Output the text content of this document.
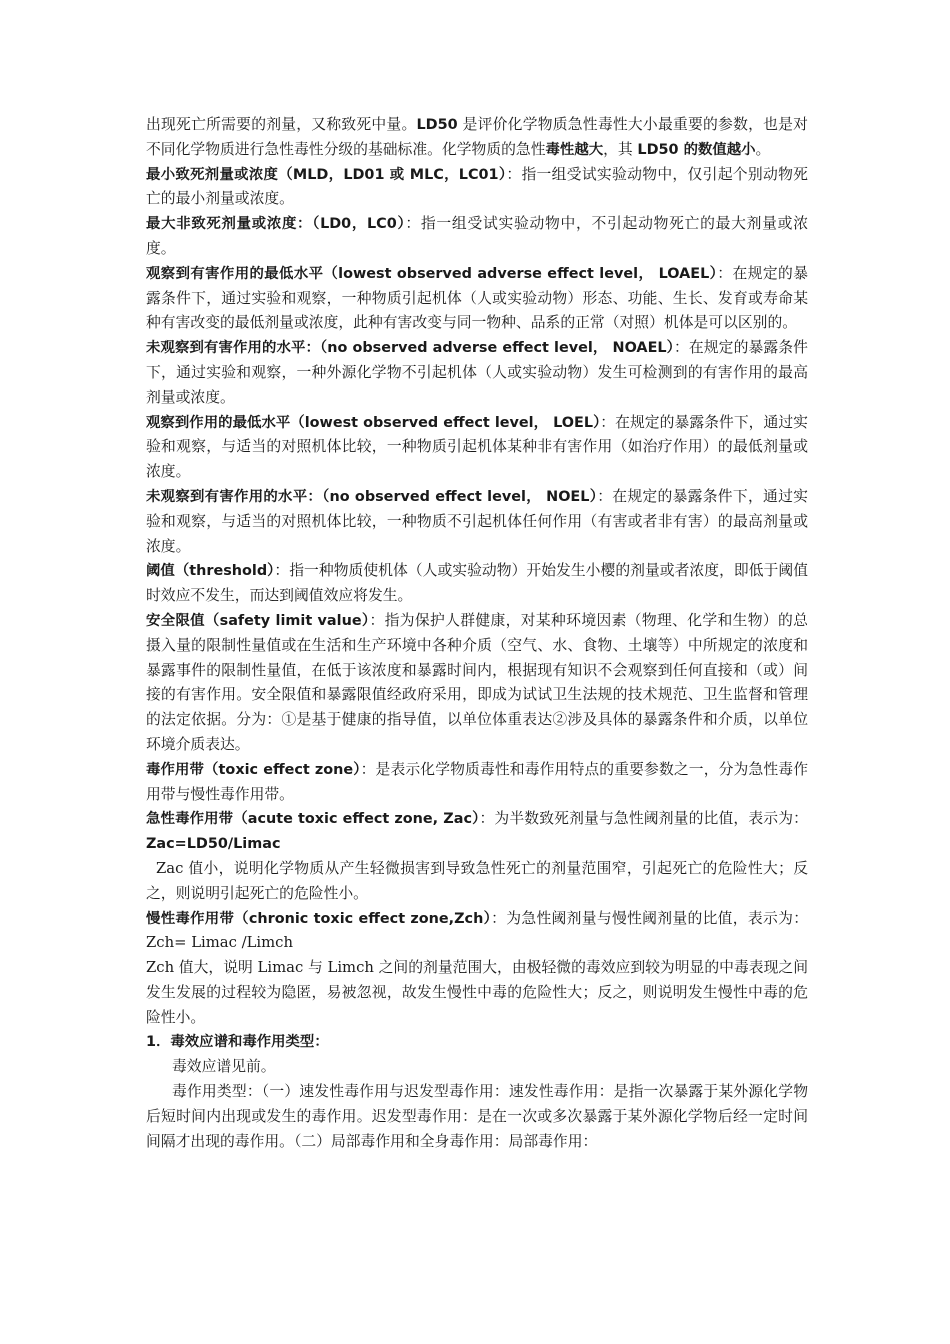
出现死亡所需要的剂量，又称致死中量。LD50 是评价化学物质急性毒性大小最重要的参数，也是对不同化学物质进行急性毒性分级的基础标准。化学物质的急性毒性越大，其 LD50 的数值越小。

最小致死剂量或浓度（MLD，LD01 或 MLC，LC01）：指一组受试实验动物中，仅引起个别动物死亡的最小剂量或浓度。

最大非致死剂量或浓度：（LD0，LC0）：指一组受试实验动物中，不引起动物死亡的最大剂量或浓度。

观察到有害作用的最低水平（lowest observed adverse effect level， LOAEL）：在规定的暴露条件下，通过实验和观察，一种物质引起机体（人或实验动物）形态、功能、生长、发育或寿命某种有害改变的最低剂量或浓度，此种有害改变与同一物种、品系的正常（对照）机体是可以区别的。

未观察到有害作用的水平：（no observed adverse effect level， NOAEL）：在规定的暴露条件下，通过实验和观察，一种外源化学物不引起机体（人或实验动物）发生可检测到的有害作用的最高剂量或浓度。

观察到作用的最低水平（lowest observed effect level， LOEL）：在规定的暴露条件下，通过实验和观察，与适当的对照机体比较，一种物质引起机体某种非有害作用（如治疗作用）的最低剂量或浓度。

未观察到有害作用的水平：（no observed effect level， NOEL）：在规定的暴露条件下，通过实验和观察，与适当的对照机体比较，一种物质不引起机体任何作用（有害或者非有害）的最高剂量或浓度。

阈值（threshold）：指一种物质使机体（人或实验动物）开始发生小樱的剂量或者浓度，即低于阈值时效应不发生，而达到阈值效应将发生。

安全限值（safety limit value）：指为保护人群健康，对某种环境因素（物理、化学和生物）的总摄入量的限制性量值或在生活和生产环境中各种介质（空气、水、食物、土壤等）中所规定的浓度和暴露事件的限制性量值，在低于该浓度和暴露时间内，根据现有知识不会观察到任何直接和（或）间接的有害作用。安全限值和暴露限值经政府采用，即成为试试卫生法规的技术规范、卫生监督和管理的法定依据。分为：①是基于健康的指导值，以单位体重表达②涉及具体的暴露条件和介质，以单位环境介质表达。

毒作用带（toxic effect zone）：是表示化学物质毒性和毒作用特点的重要参数之一，分为急性毒作用带与慢性毒作用带。

急性毒作用带（acute toxic effect zone, Zac）：为半数致死剂量与急性阈剂量的比值，表示为：Zac=LD50/Limac

Zac 值小，说明化学物质从产生轻微损害到导致急性死亡的剂量范围窄，引起死亡的危险性大；反之，则说明引起死亡的危险性小。

慢性毒作用带（chronic toxic effect zone,Zch）：为急性阈剂量与慢性阈剂量的比值，表示为：Zch= Limac /Limch

Zch 值大，说明 Limac 与 Limch 之间的剂量范围大，由极轻微的毒效应到较为明显的中毒表现之间发生发展的过程较为隐匿，易被忽视，故发生慢性中毒的危险性大；反之，则说明发生慢性中毒的危险性小。

1．毒效应谱和毒作用类型：

毒效应谱见前。

毒作用类型：（一）速发性毒作用与迟发型毒作用：速发性毒作用：是指一次暴露于某外源化学物后短时间内出现或发生的毒作用。迟发型毒作用：是在一次或多次暴露于某外源化学物后经一定时间间隔才出现的毒作用。（二）局部毒作用和全身毒作用：局部毒作用：
